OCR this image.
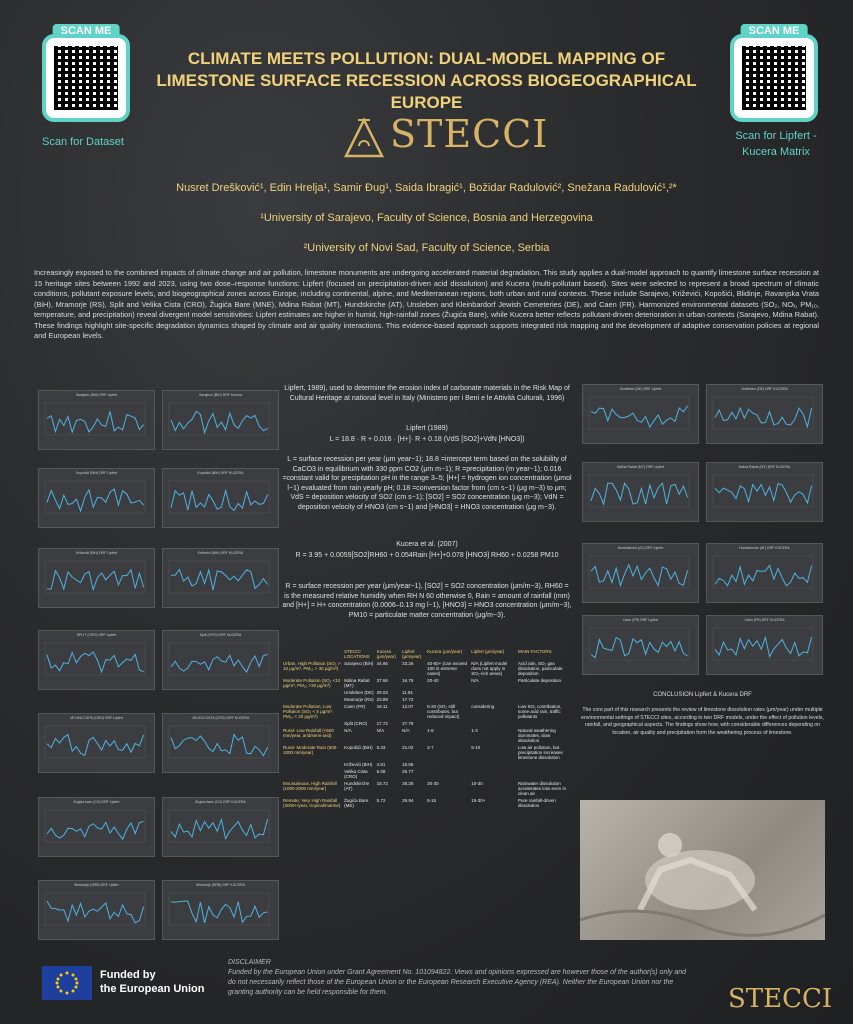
SCAN ME
Scan for Dataset
SCAN ME
Scan for Lipfert - Kucera Matrix
CLIMATE MEETS POLLUTION: DUAL-MODEL MAPPING OF LIMESTONE SURFACE RECESSION ACROSS BIOGEOGRAPHICAL EUROPE
STECCI
Nusret Drešković¹, Edin Hrelja¹, Samir Đug¹, Saida Ibragić¹, Božidar Radulović², Snežana Radulović¹,²*
¹University of Sarajevo, Faculty of Science, Bosnia and Herzegovina
²University of Novi Sad, Faculty of Science, Serbia
Increasingly exposed to the combined impacts of climate change and air pollution, limestone monuments are undergoing accelerated material degradation. This study applies a dual-model approach to quantify limestone surface recession at 15 heritage sites between 1992 and 2023, using two dose–response functions: Lipfert (focused on precipitation-driven acid dissolution) and Kucera (multi-pollutant based). Sites were selected to represent a broad spectrum of climatic conditions, pollutant exposure levels, and biogeographical zones across Europe, including continental, alpine, and Mediterranean regions, both urban and rural contexts. These include Sarajevo, Križevići, Kopošići, Blidinje, Ravanjska Vrata (BiH), Mramorje (RS), Split and Velika Cista (CRO), Žugića Bare (MNE), Mdina Rabat (MT), Hundskirche (AT), Unsleben and Kleinbardorf Jewish Cemeteries (DE), and Caen (FR). Harmonized environmental datasets (SO₂, NOₓ, PM₁₀, temperature, and precipitation) reveal divergent model sensitivities: Lipfert estimates are higher in humid, high-rainfall zones (Žugića Bare), while Kucera better reflects pollutant-driven deterioration in urban contexts (Sarajevo, Mdina Rabat). These findings highlight site-specific degradation dynamics shaped by climate and air quality interactions. This evidence-based approach supports integrated risk mapping and the development of adaptive conservation policies at regional and European levels.
Sarajevo (BiH) DRF Lipfert	Sarajevo (BiH) DRF Kucera
Kopošići (BiH) DRF Lipfert	Kopošići (BiH) DRF KUCERA
Križevići (BiH) DRF Lipfert	Križevići (BiH) DRF KUCERA
SPLIT (CRO) DRF Lipfert	Split (CRO) DRF KUCERA
VELIKA CISTA (CRO) DRF Lipfert	VELIKA CISTA (CRO) DRF KUCERA
Žugića bare (CG) DRF Lipfert	Žugića bare (CG) DRF KUCERA
Mramorje (SRB) DRF Lipfert	Mramorje (SRB) DRF KUCERA
Unsleben (DE) DRF Lipfert	Unsleben (DE) DRF KUCERA
Mdina Rabat (MT) DRF Lipfert	Mdina Rabat (MT) DRF KUCERA
Hundskirche (AT) DRF Lipfert	Hundskirche (AT) DRF KUCERA
Caen (FR) DRF Lipfert	Caen (FR) DRF KUCERA
Lipfert, 1989), used to determine the erosion index of carbonate materials in the Risk Map of Cultural Heritage at national level in Italy (Ministero per i Beni e le Attività Culturali, 1996)
Lipfert (1989)
L = 18.8 · R + 0.016 · [H+]· R + 0.18 (VdS [SO2]+VdN [HNO3])
L = surface recession per year (μm year−1); 18.8 =intercept term based on the solubility of CaCO3 in equilibrium with 330 ppm CO2 (μm m−1); R =precipitation (m year−1); 0.016 =constant valid for precipitation pH in the range 3–5; [H+] = hydrogen ion concentration (μmol l−1) evaluated from rain yearly pH; 0.18 =conversion factor from (cm s−1) (μg m−3) to μm; VdS = deposition velocity of SO2 (cm s−1); [SO2] = SO2 concentration (μg m−3); VdN = deposition velocity of HNO3 (cm s−1) and [HNO3] = HNO3 concentration (μg m−3).
Kucera et al. (2007)
R = 3.95 + 0.0059[SO2]RH60 + 0.054Rain [H+]+0.078 [HNO3] RH60 + 0.0258 PM10
R = surface recession per year (μm/year−1), [SO2] = SO2 concentration (μm/m−3), RH60 = is the measured relative humidity when RH N 60 otherwise 0, Rain = amount of rainfall (mm) and [H+] = H+ concentration (0.0006–0.13 mg l−1), [HNO3] = HNO3 concentration (μm/m−3), PM10 = particulate matter concentration (μg/m−3).
	STECCI LOCATIONS	Kucera (μm/year)	Lipfert (μm/year)	Kucera (μm/year)	Lipfert (μm/year)	MAIN FACTORS
Urban, High Pollution (SO₂ > 10 μg/m³, PM₁₀ > 30 μg/m³)	Sarajevo (BiH)	44.86	23.26	40-60+ (can exceed 100 in extreme cases)	N/A (Lipfert model does not apply in SO₂-rich areas)	Acid rain, SO₂ gas dissolution, particulate deposition
Moderate Pollution (SO₂ <10 μg/m³, PM₁₀ >30 μg/m³)	Mdina Rabat (MT)	37.66	16.75	20-40	N/A	Particulate deposition
	Unsleben (DE)	29.03	11.81			
	Mramorje (RS)	23.89	17.72			
Moderate Pollution, Low Pollution (SO₂ < 5 μg/m³, PM₁₀ < 20 μg/m³)	Caen (FR)	18.11	12.07	5-20 (SO₂ still contributes, but reduced impact)	considering	Low SO₂ contribution, some acid rain, traffic pollutants
	Split (CRO)	17.72	27.78			
Rural- Low Rainfall (<500 mm/year, arid/semi-arid)	N/A	N/A	N/A	1-5	1-3	Natural weathering dominates, slow dissolution
Rural- Moderate Rain (500-1000 mm/year)	Kopošići (BiH)	5.33	21.02	2-7	5-10	Low air pollution, but precipitation increases limestone dissolution
	Križevići (BiH)	4.81	18.65			
	Velika Cista (CRO)	5.09	26.77			
Mountainous, High Rainfall (1000-2000 mm/year)	Hundskirche (AT)	18.72	28.28	20-30	10-30	Rainwater dissolution accelerates loss even in clean air
Remote, Very High Rainfall (2000+/year, tropical/marine)	Žugića Bare (ME)	5.72	29.94	5-15	15-30+	Pure rainfall-driven dissolution
CONCLUSION Lipfert & Kucera DRF
The core part of this research presents the review of limestone dissolution rates (μm/year) under multiple environmental settings of STECCI sites, according to two DRF models, under the effect of pollution levels, rainfall, and geographical aspects. The findings show how, with considerable differences depending on location, air quality and precipitation form the weathering process of limestone.
Funded by
the European Union
DISCLAIMER
Funded by the European Union under Grant Agreement No. 101094822. Views and opinions expressed are however those of the author(s) only and do not necessarily reflect those of the European Union or the European Research Executive Agency (REA). Neither the European Union nor the granting authority can be held responsible for them.	STECCI
